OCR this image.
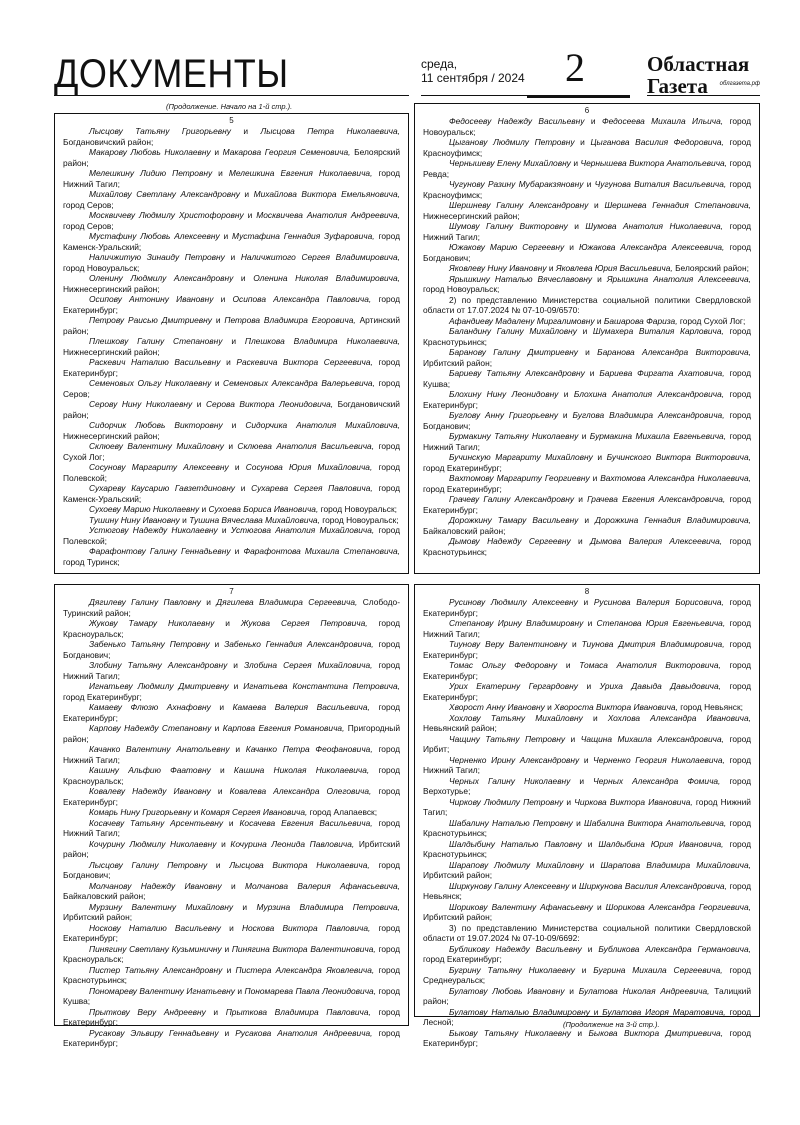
ДОКУМЕНТЫ	среда,
11 сентября / 2024 2	Областная
Газета	облгазета.рф
(Продолжение. Начало на 1-й стр.).
5
Лысцову Татьяну Григорьевну и Лысцова Петра Николаевича, Богдановичский район;
Макарову Любовь Николаевну и Макарова Георгия Семеновича, Белоярский район;
Мелешкину Лидию Петровну и Мелешкина Евгения Николаевича, город Нижний Тагил;
Михайлову Светлану Александровну и Михайлова Виктора Емельяновича, город Серов;
Москвичеву Людмилу Христофоровну и Москвичева Анатолия Андреевича, город Серов;
Мустафину Любовь Алексеевну и Мустафина Геннадия Зуфаровича, город Каменск-Уральский;
Наличжитую Зинаиду Петровну и Наличжитого Сергея Владимировича, город Новоуральск;
Оленину Людмилу Александровну и Оленина Николая Владимировича, Нижнесергинский район;
Осипову Антонину Ивановну и Осипова Александра Павловича, город Екатеринбург;
Петрову Раисью Дмитриевну и Петрова Владимира Егоровича, Артинский район;
Плешкову Галину Степановну и Плешкова Владимира Николаевича, Нижнесергинский район;
Раскевич Наталию Васильевну и Раскевича Виктора Сергеевича, город Екатеринбург;
Семеновых Ольгу Николаевну и Семеновых Александра Валерьевича, город Серов;
Серову Нину Николаевну и Серова Виктора Леонидовича, Богдановичский район;
Сидорчик Любовь Викторовну и Сидорчика Анатолия Михайловича, Нижнесергинский район;
Склюеву Валентину Михайловну и Склюева Анатолия Васильевича, город Сухой Лог;
Сосунову Маргариту Алексеевну и Сосунова Юрия Михайловича, город Полевской;
Сухареву Каусарию Гавзетдиновну и Сухарева Сергея Павловича, город Каменск-Уральский;
Сухоеву Марию Николаевну и Сухоева Бориса Ивановича, город Новоуральск;
Тушину Нину Ивановну и Тушина Вячеслава Михайловича, город Новоуральск;
Устюгову Надежду Николаевну и Устюгова Анатолия Михайловича, город Полевской;
Фарафонтову Галину Геннадьевну и Фарафонтова Михаила Степановича, город Туринск;
6
Федосееву Надежду Васильевну и Федосеева Михаила Ильича, город Новоуральск;
Цыганову Людмилу Петровну и Цыганова Василия Федоровича, город Красноуфимск;
Чернышеву Елену Михайловну и Чернышева Виктора Анатольевича, город Ревда;
Чугунову Разину Мубаракзяновну и Чугунова Виталия Васильевича, город Красноуфимск;
Шершневу Галину Александровну и Шершнева Геннадия Степановича, Нижнесергинский район;
Шумову Галину Викторовну и Шумова Анатолия Николаевича, город Нижний Тагил;
Южакову Марию Сергеевну и Южакова Александра Алексеевича, город Богданович;
Яковлеву Нину Ивановну и Яковлева Юрия Васильевича, Белоярский район;
Ярышкину Наталью Вячеславовну и Ярышкина Анатолия Алексеевича, город Новоуральск;
2) по представлению Министерства социальной политики Свердловской области от 17.07.2024 № 07-10-09/6570:
Афандиеву Мадалену Миргалимовну и Башарова Фариза, город Сухой Лог;
Баландину Галину Михайловну и Шумахера Виталия Карловича, город Краснотурьинск;
Баранову Галину Дмитриевну и Баранова Александра Викторовича, Ирбитский район;
Бариеву Татьяну Александровну и Бариева Фиргата Ахатовича, город Кушва;
Блохину Нину Леонидовну и Блохина Анатолия Александровича, город Екатеринбург;
Буглову Анну Григорьевну и Буглова Владимира Александровича, город Богданович;
Бурмакину Татьяну Николаевну и Бурмакина Михаила Евгеньевича, город Нижний Тагил;
Бучинскую Маргариту Михайловну и Бучинского Виктора Викторовича, город Екатеринбург;
Вахтомову Маргариту Георгиевну и Вахтомова Александра Николаевича, город Екатеринбург;
Грачеву Галину Александровну и Грачева Евгения Александровича, город Екатеринбург;
Дорожкину Тамару Васильевну и Дорожкина Геннадия Владимировича, Байкаловский район;
Дымову Надежду Сергеевну и Дымова Валерия Алексеевича, город Краснотурьинск;
7
Дягилеву Галину Павловну и Дягилева Владимира Сергеевича, Слободо-Туринский район;
Жукову Тамару Николаевну и Жукова Сергея Петровича, город Красноуральск;
Забенько Татьяну Петровну и Забенько Геннадия Александровича, город Богданович;
Злобину Татьяну Александровну и Злобина Сергея Михайловича, город Нижний Тагил;
Игнатьеву Людмилу Дмитриевну и Игнатьева Константина Петровича, город Екатеринбург;
Камаеву Флюзю Ахнафовну и Камаева Валерия Васильевича, город Екатеринбург;
Карпову Надежду Степановну и Карпова Евгения Романовича, Пригородный район;
Качанко Валентину Анатольевну и Качанко Петра Феофановича, город Нижний Тагил;
Кашину Альфию Фаатовну и Кашина Николая Николаевича, город Красноуральск;
Ковалеву Надежду Ивановну и Ковалева Александра Олеговича, город Екатеринбург;
Комарь Нину Григорьевну и Комаря Сергея Ивановича, город Алапаевск;
Косачеву Татьяну Арсентьевну и Косачева Евгения Васильевича, город Нижний Тагил;
Кочурину Людмилу Николаевну и Кочурина Леонида Павловича, Ирбитский район;
Лысцову Галину Петровну и Лысцова Виктора Николаевича, город Богданович;
Молчанову Надежду Ивановну и Молчанова Валерия Афанасьевича, Байкаловский район;
Мурзину Валентину Михайловну и Мурзина Владимира Петровича, Ирбитский район;
Носкову Наталию Васильевну и Носкова Виктора Павловича, город Екатеринбург;
Пинягину Светлану Кузьминичну и Пинягина Виктора Валентиновича, город Красноуральск;
Пистер Татьяну Александровну и Пистера Александра Яковлевича, город Краснотурьинск;
Пономареву Валентину Игнатьевну и Пономарева Павла Леонидовича, город Кушва;
Прыткову Веру Андреевну и Прыткова Владимира Павловича, город Екатеринбург;
Русакову Эльвиру Геннадьевну и Русакова Анатолия Андреевича, город Екатеринбург;
8
Русинову Людмилу Алексеевну и Русинова Валерия Борисовича, город Екатеринбург;
Степанову Ирину Владимировну и Степанова Юрия Евгеньевича, город Нижний Тагил;
Тиунову Веру Валентиновну и Тиунова Дмитрия Владимировича, город Екатеринбург;
Томас Ольгу Федоровну и Томаса Анатолия Викторовича, город Екатеринбург;
Урих Екатерину Гергардовну и Уриха Давыда Давыдовича, город Екатеринбург;
Хвороcт Анну Ивановну и Хвороста Виктора Ивановича, город Невьянск;
Хохлову Татьяну Михайловну и Хохлова Александра Ивановича, Невьянский район;
Чащину Татьяну Петровну и Чащина Михаила Александровича, город Ирбит;
Черненко Ирину Александровну и Черненко Георгия Николаевича, город Нижний Тагил;
Черных Галину Николаевну и Черных Александра Фомича, город Верхотурье;
Чиркову Людмилу Петровну и Чиркова Виктора Ивановича, город Нижний Тагил;
Шабалину Наталью Петровну и Шабалина Виктора Анатольевича, город Краснотурьинск;
Шалдыбину Наталью Павловну и Шалдыбина Юрия Ивановича, город Краснотурьинск;
Шарапову Людмилу Михайловну и Шарапова Владимира Михайловича, Ирбитский район;
Ширкунову Галину Алексеевну и Ширкунова Василия Александровича, город Невьянск;
Шорикову Валентину Афанасьевну и Шорикова Александра Георгиевича, Ирбитский район;
3) по представлению Министерства социальной политики Свердловской области от 19.07.2024 № 07-10-09/6692:
Бубликову Надежду Васильевну и Бубликова Александра Германовича, город Екатеринбург;
Бугрину Татьяну Николаевну и Бугрина Михаила Сергеевича, город Среднеуральск;
Булатову Любовь Ивановну и Булатова Николая Андреевича, Талицкий район;
Булатову Наталью Владимировну и Булатова Игоря Маратовича, город Лесной;
Быкову Татьяну Николаевну и Быкова Виктора Дмитриевича, город Екатеринбург;
(Продолжение на 3-й стр.).
